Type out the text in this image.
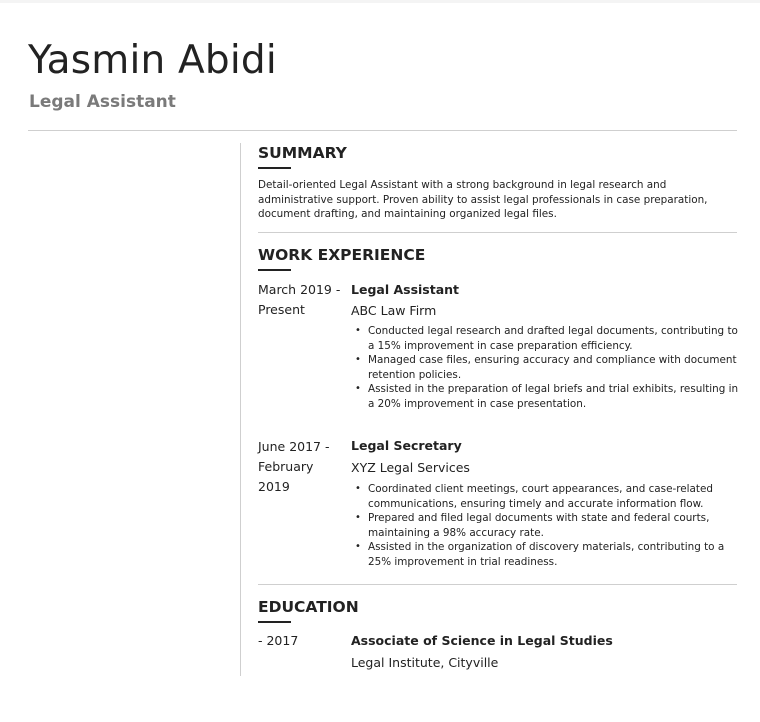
Yasmin Abidi
Legal Assistant
SUMMARY
Detail-oriented Legal Assistant with a strong background in legal research and administrative support. Proven ability to assist legal professionals in case preparation, document drafting, and maintaining organized legal files.
WORK EXPERIENCE
March 2019 -
Present
Legal Assistant
ABC Law Firm
• Conducted legal research and drafted legal documents, contributing to a 15% improvement in case preparation efficiency.
• Managed case files, ensuring accuracy and compliance with document retention policies.
• Assisted in the preparation of legal briefs and trial exhibits, resulting in a 20% improvement in case presentation.
June 2017 -
February 2019
Legal Secretary
XYZ Legal Services
• Coordinated client meetings, court appearances, and case-related communications, ensuring timely and accurate information flow.
• Prepared and filed legal documents with state and federal courts, maintaining a 98% accuracy rate.
• Assisted in the organization of discovery materials, contributing to a 25% improvement in trial readiness.
EDUCATION
- 2017	Associate of Science in Legal Studies
Legal Institute, Cityville
